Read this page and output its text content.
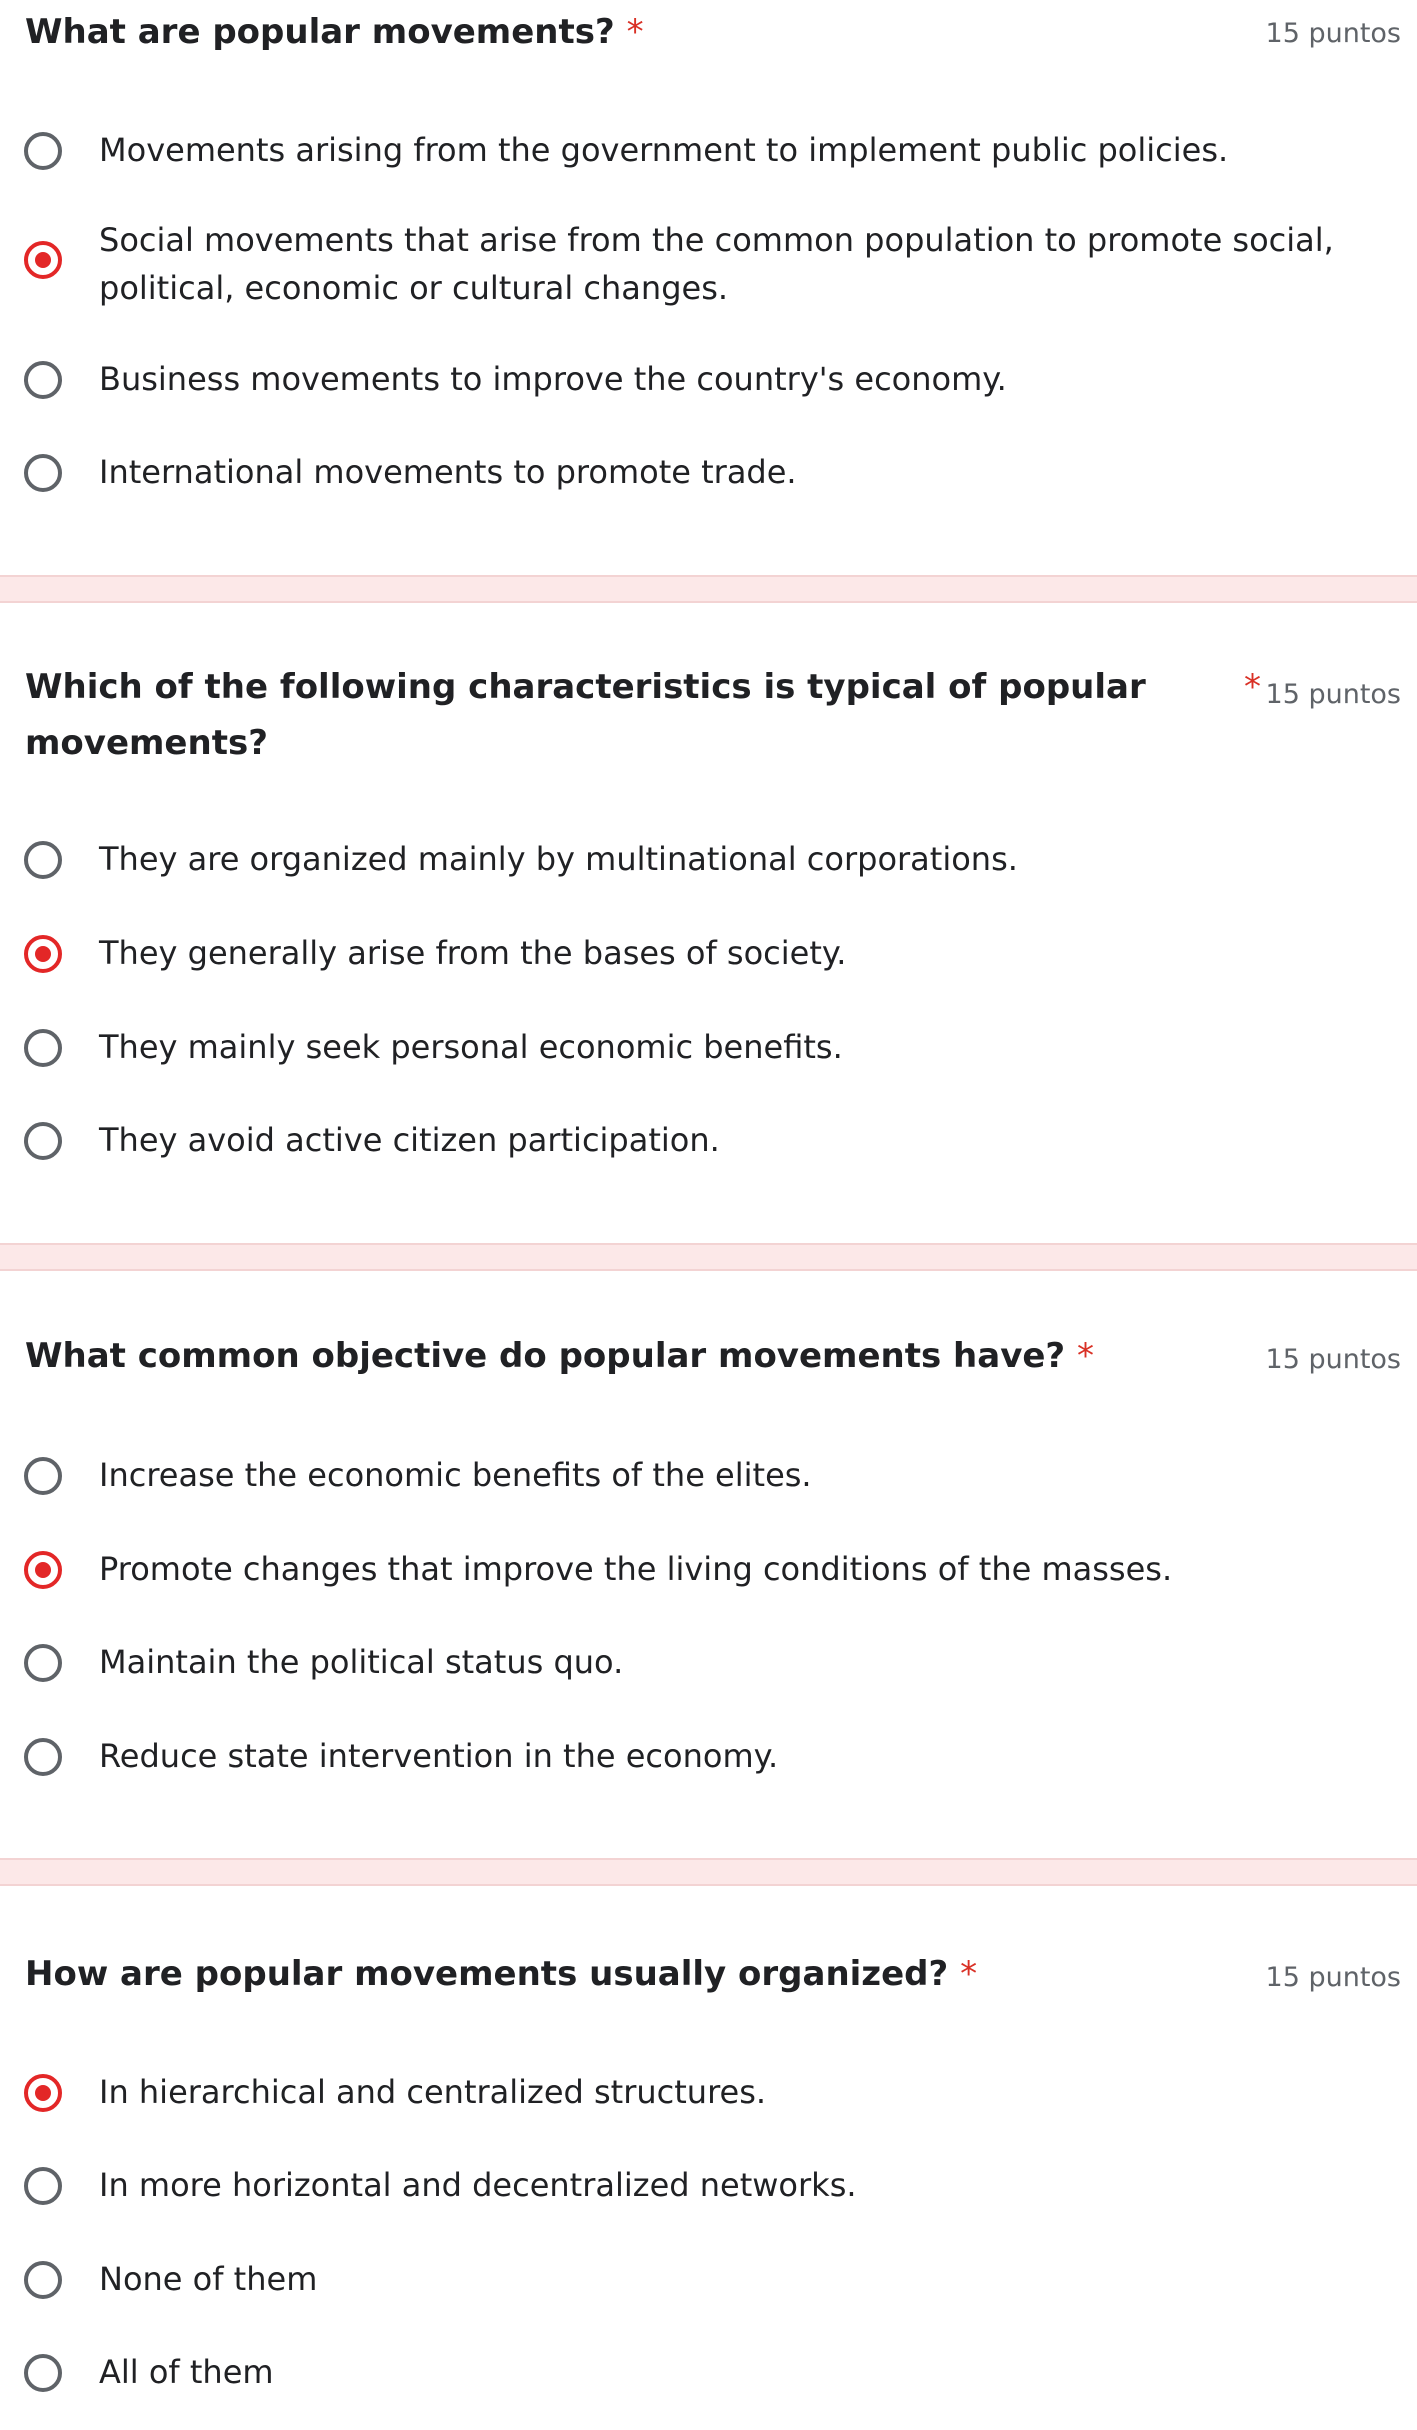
What are popular movements? *	15 puntos
Movements arising from the government to implement public policies.
Social movements that arise from the common population to promote social, political, economic or cultural changes.
Business movements to improve the country's economy.
International movements to promote trade.
Which of the following characteristics is typical of popular movements?
* 15 puntos
They are organized mainly by multinational corporations.
They generally arise from the bases of society.
They mainly seek personal economic benefits.
They avoid active citizen participation.
What common objective do popular movements have? *	15 puntos
Increase the economic benefits of the elites.
Promote changes that improve the living conditions of the masses.
Maintain the political status quo.
Reduce state intervention in the economy.
How are popular movements usually organized? *	15 puntos
In hierarchical and centralized structures.
In more horizontal and decentralized networks.
None of them
All of them
